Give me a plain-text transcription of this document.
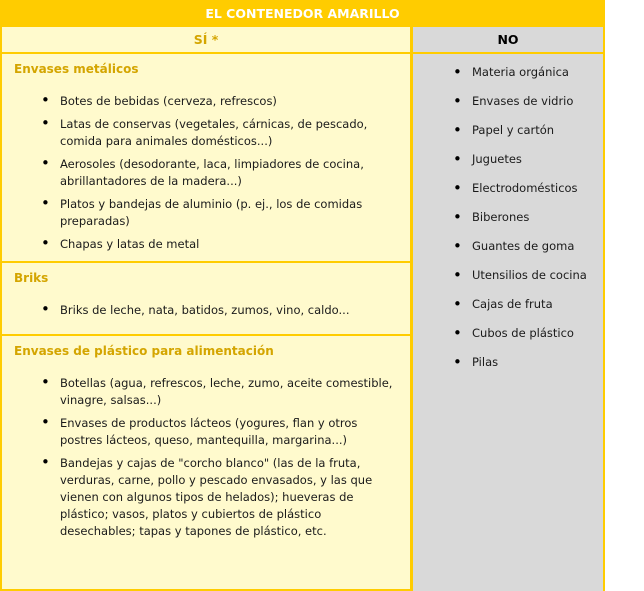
EL CONTENEDOR AMARILLO
SÍ *	NO
Envases metálicos
• Botes de bebidas (cerveza, refrescos)
• Latas de conservas (vegetales, cárnicas, de pescado, comida para animales domésticos...)
• Aerosoles (desodorante, laca, limpiadores de cocina, abrillantadores de la madera...)
• Platos y bandejas de aluminio (p. ej., los de comidas preparadas)
• Chapas y latas de metal
Briks
• Briks de leche, nata, batidos, zumos, vino, caldo...
Envases de plástico para alimentación
• Botellas (agua, refrescos, leche, zumo, aceite comestible, vinagre, salsas...)
• Envases de productos lácteos (yogures, flan y otros postres lácteos, queso, mantequilla, margarina...)
• Bandejas y cajas de "corcho blanco" (las de la fruta, verduras, carne, pollo y pescado envasados, y las que vienen con algunos tipos de helados); hueveras de plástico; vasos, platos y cubiertos de plástico desechables; tapas y tapones de plástico, etc.
• Materia orgánica
• Envases de vidrio
• Papel y cartón
• Juguetes
• Electrodomésticos
• Biberones
• Guantes de goma
• Utensilios de cocina
• Cajas de fruta
• Cubos de plástico
• Pilas
